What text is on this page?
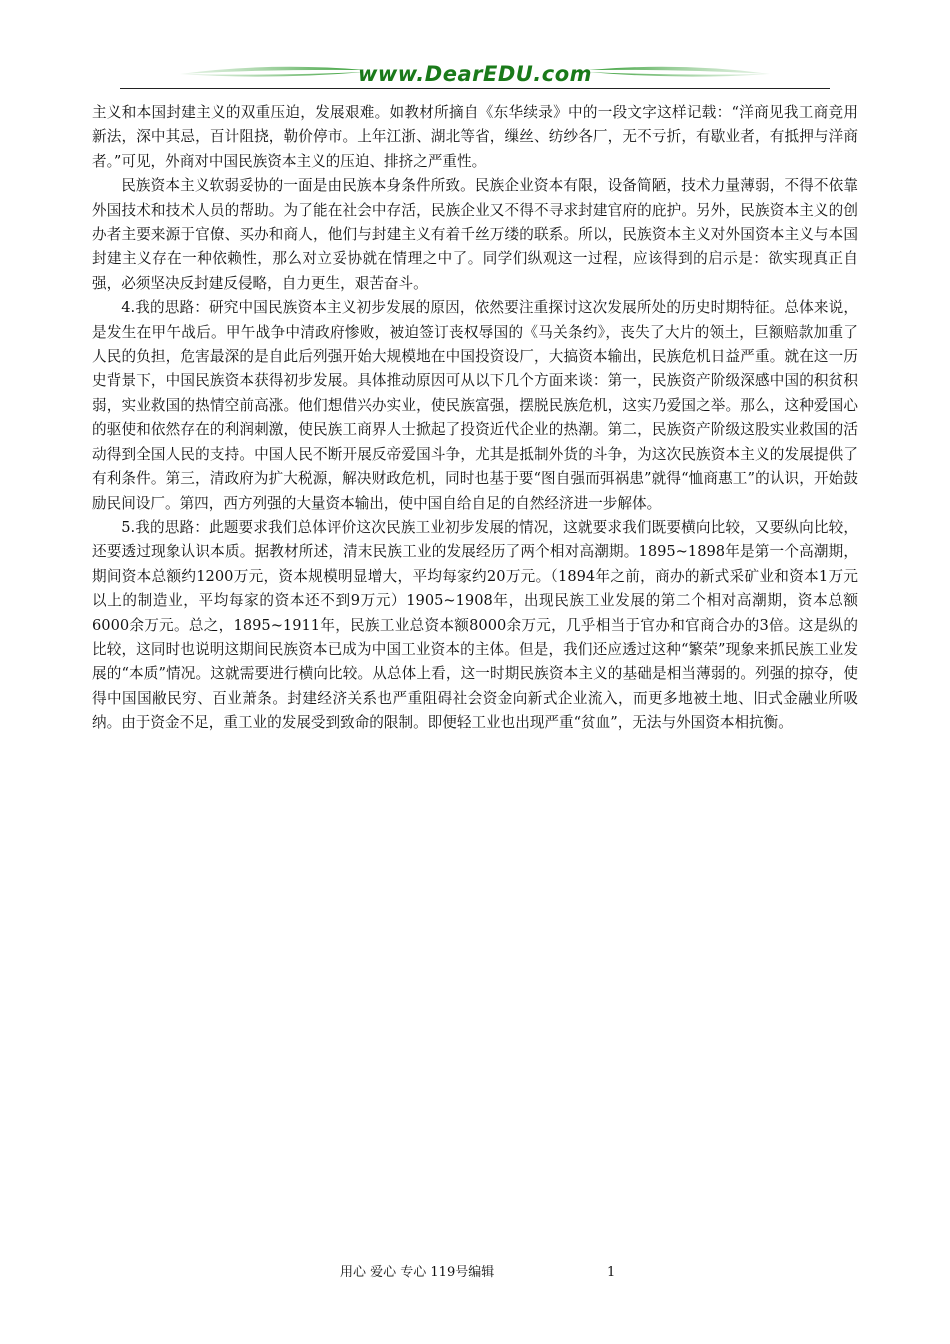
www.DearEDU.com

主义和本国封建主义的双重压迫，发展艰难。如教材所摘自《东华续录》中的一段文字这样记载：“洋商见我工商竞用新法，深中其忌，百计阻挠，勒价停市。上年江浙、湖北等省，缫丝、纺纱各厂，无不亏折，有歇业者，有抵押与洋商者。”可见，外商对中国民族资本主义的压迫、排挤之严重性。

民族资本主义软弱妥协的一面是由民族本身条件所致。民族企业资本有限，设备简陋，技术力量薄弱，不得不依靠外国技术和技术人员的帮助。为了能在社会中存活，民族企业又不得不寻求封建官府的庇护。另外，民族资本主义的创办者主要来源于官僚、买办和商人，他们与封建主义有着千丝万缕的联系。所以，民族资本主义对外国资本主义与本国封建主义存在一种依赖性，那么对立妥协就在情理之中了。同学们纵观这一过程，应该得到的启示是：欲实现真正自强，必须坚决反封建反侵略，自力更生，艰苦奋斗。

4.我的思路：研究中国民族资本主义初步发展的原因，依然要注重探讨这次发展所处的历史时期特征。总体来说，是发生在甲午战后。甲午战争中清政府惨败，被迫签订丧权辱国的《马关条约》，丧失了大片的领土，巨额赔款加重了人民的负担，危害最深的是自此后列强开始大规模地在中国投资设厂，大搞资本输出，民族危机日益严重。就在这一历史背景下，中国民族资本获得初步发展。具体推动原因可从以下几个方面来谈：第一，民族资产阶级深感中国的积贫积弱，实业救国的热情空前高涨。他们想借兴办实业，使民族富强，摆脱民族危机，这实乃爱国之举。那么，这种爱国心的驱使和依然存在的利润刺激，使民族工商界人士掀起了投资近代企业的热潮。第二，民族资产阶级这股实业救国的活动得到全国人民的支持。中国人民不断开展反帝爱国斗争，尤其是抵制外货的斗争，为这次民族资本主义的发展提供了有利条件。第三，清政府为扩大税源，解决财政危机，同时也基于要“图自强而弭祸患”就得“恤商惠工”的认识，开始鼓励民间设厂。第四，西方列强的大量资本输出，使中国自给自足的自然经济进一步解体。

5.我的思路：此题要求我们总体评价这次民族工业初步发展的情况，这就要求我们既要横向比较，又要纵向比较，还要透过现象认识本质。据教材所述，清末民族工业的发展经历了两个相对高潮期。1895~1898年是第一个高潮期，期间资本总额约1200万元，资本规模明显增大，平均每家约20万元。（1894年之前，商办的新式采矿业和资本1万元以上的制造业，平均每家的资本还不到9万元）1905~1908年，出现民族工业发展的第二个相对高潮期，资本总额6000余万元。总之，1895~1911年，民族工业总资本额8000余万元，几乎相当于官办和官商合办的3倍。这是纵的比较，这同时也说明这期间民族资本已成为中国工业资本的主体。但是，我们还应透过这种“繁荣”现象来抓民族工业发展的“本质”情况。这就需要进行横向比较。从总体上看，这一时期民族资本主义的基础是相当薄弱的。列强的掠夺，使得中国国敝民穷、百业萧条。封建经济关系也严重阻碍社会资金向新式企业流入，而更多地被土地、旧式金融业所吸纳。由于资金不足，重工业的发展受到致命的限制。即便轻工业也出现严重“贫血”，无法与外国资本相抗衡。

用心 爱心 专心 119号编辑	1
